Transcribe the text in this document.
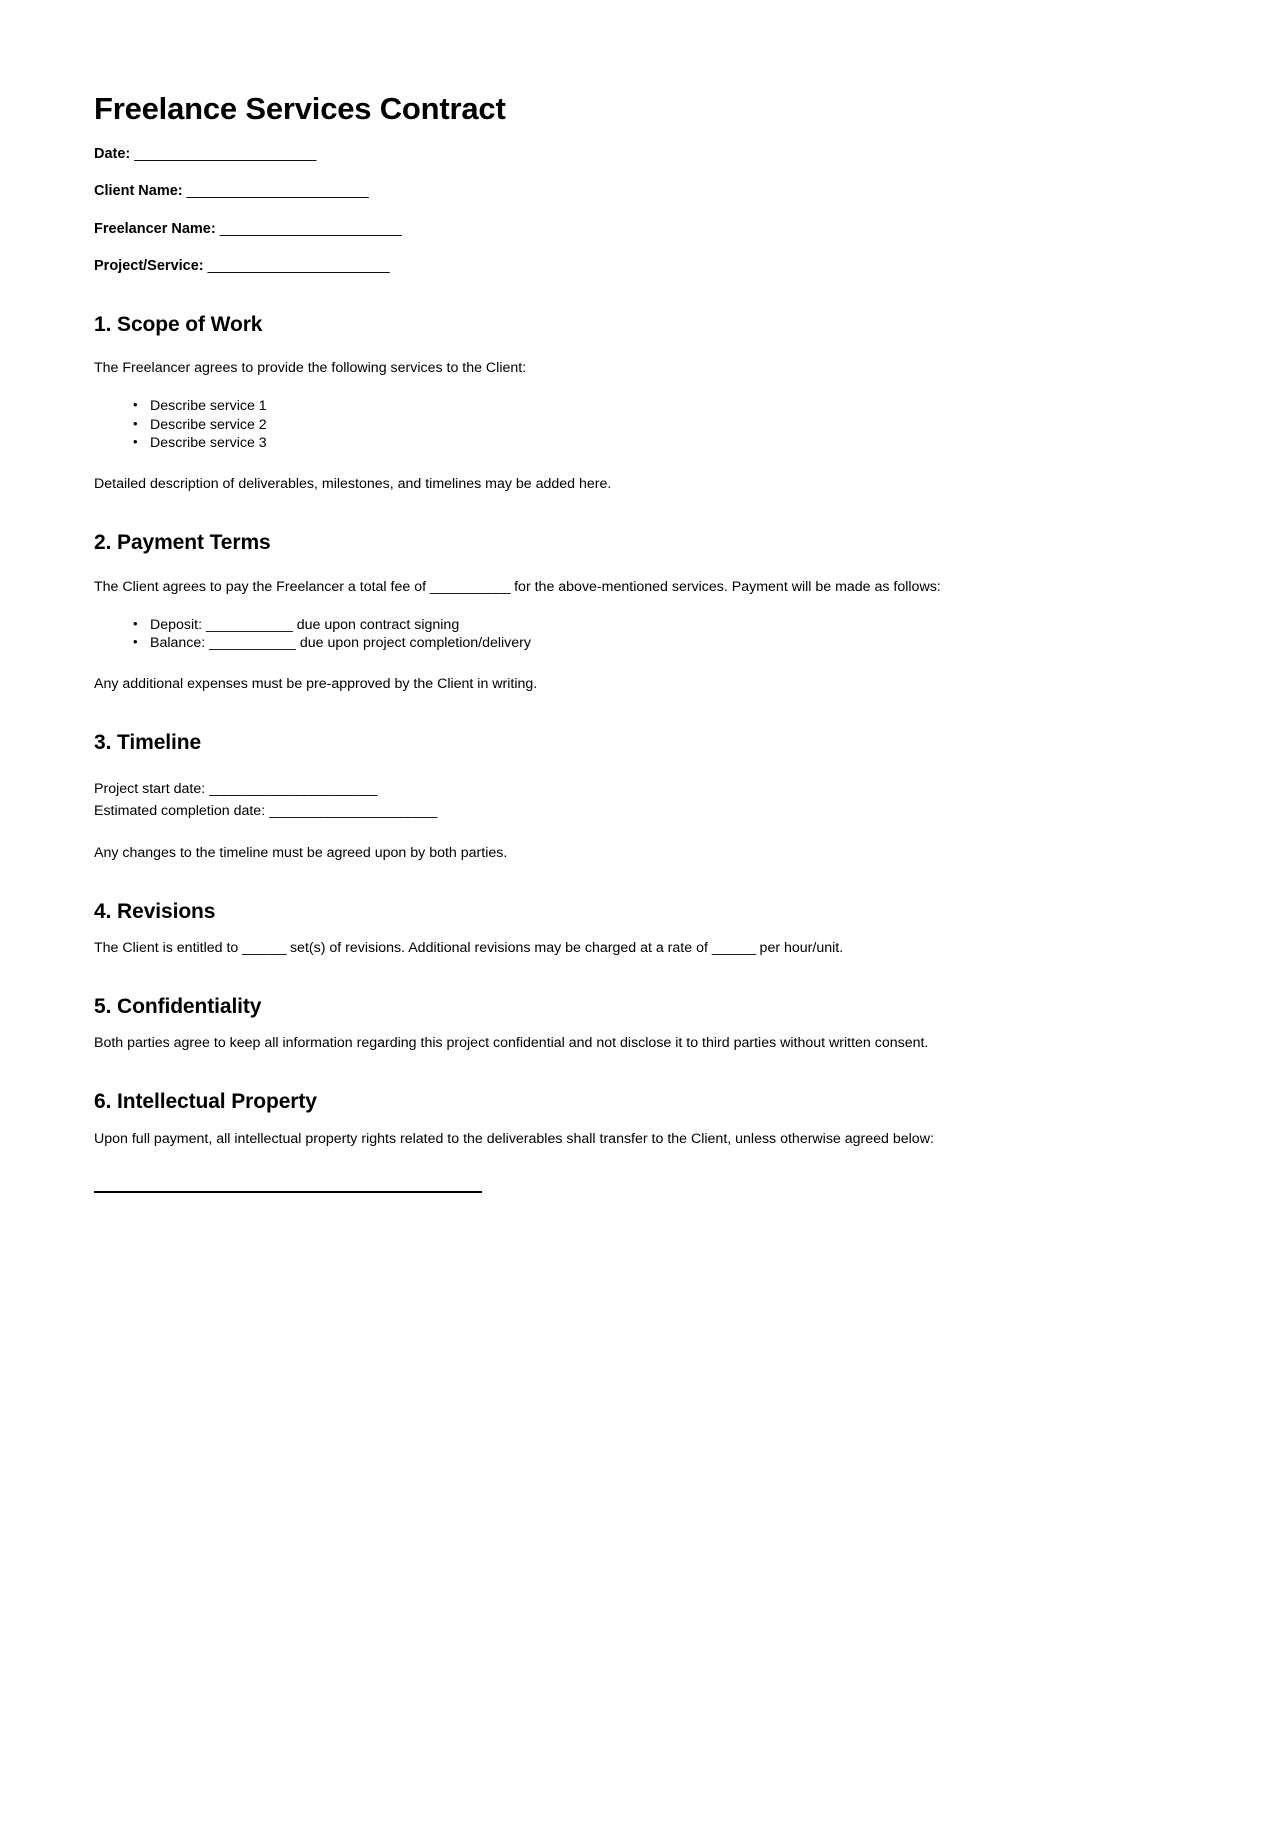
Freelance Services Contract
Date: ________________________
Client Name: ________________________
Freelancer Name: ________________________
Project/Service: ________________________
1. Scope of Work

The Freelancer agrees to provide the following services to the Client:

• Describe service 1
• Describe service 2
• Describe service 3

Detailed description of deliverables, milestones, and timelines may be added here.

2. Payment Terms

The Client agrees to pay the Freelancer a total fee of ___________ for the above-mentioned services. Payment will be made as follows:

• Deposit: ___________ due upon contract signing
• Balance: ___________ due upon project completion/delivery

Any additional expenses must be pre-approved by the Client in writing.

3. Timeline
Project start date: _______________________
Estimated completion date: _______________________

Any changes to the timeline must be agreed upon by both parties.

4. Revisions

The Client is entitled to ______ set(s) of revisions. Additional revisions may be charged at a rate of ______ per hour/unit.

5. Confidentiality

Both parties agree to keep all information regarding this project confidential and not disclose it to third parties without written consent.

6. Intellectual Property

Upon full payment, all intellectual property rights related to the deliverables shall transfer to the Client, unless otherwise agreed below:
